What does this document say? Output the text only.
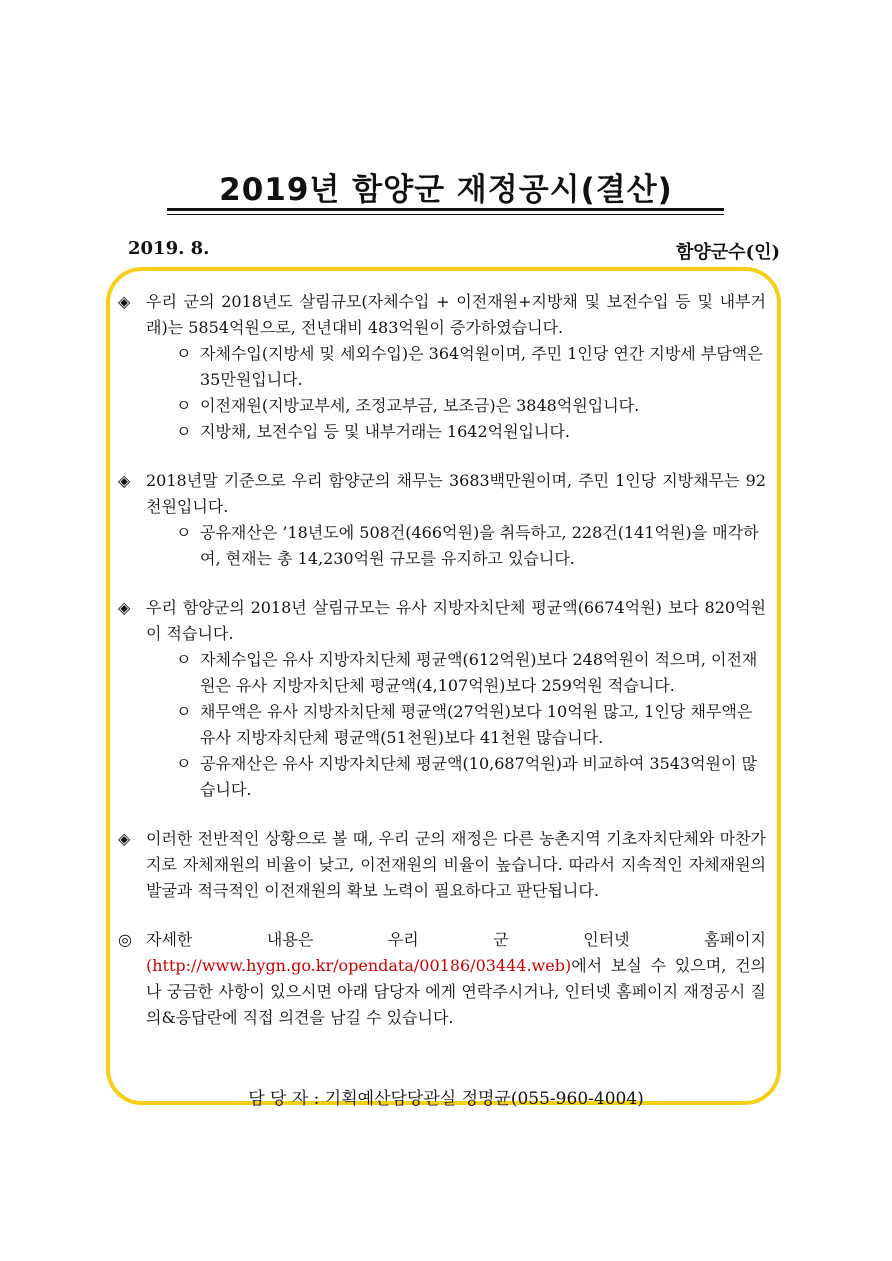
2019년 함양군 재정공시(결산)
2019. 8.	함양군수(인)
◈ 우리 군의 2018년도 살림규모(자체수입 + 이전재원+지방채 및 보전수입 등 및 내부거래)는 5854억원으로, 전년대비 483억원이 증가하였습니다.
ㅇ 자체수입(지방세 및 세외수입)은 364억원이며, 주민 1인당 연간 지방세 부담액은 35만원입니다.
ㅇ 이전재원(지방교부세, 조정교부금, 보조금)은 3848억원입니다.
ㅇ 지방채, 보전수입 등 및 내부거래는 1642억원입니다.
◈ 2018년말 기준으로 우리 함양군의 채무는 3683백만원이며, 주민 1인당 지방채무는 92천원입니다.
ㅇ 공유재산은 ’18년도에 508건(466억원)을 취득하고, 228건(141억원)을 매각하여, 현재는 총 14,230억원 규모를 유지하고 있습니다.
◈ 우리 함양군의 2018년 살림규모는 유사 지방자치단체 평균액(6674억원) 보다 820억원이 적습니다.
ㅇ 자체수입은 유사 지방자치단체 평균액(612억원)보다 248억원이 적으며, 이전재원은 유사 지방자치단체 평균액(4,107억원)보다 259억원 적습니다.
ㅇ 채무액은 유사 지방자치단체 평균액(27억원)보다 10억원 많고, 1인당 채무액은 유사 지방자치단체 평균액(51천원)보다 41천원 많습니다.
ㅇ 공유재산은 유사 지방자치단체 평균액(10,687억원)과 비교하여 3543억원이 많습니다.
◈ 이러한 전반적인 상황으로 볼 때, 우리 군의 재정은 다른 농촌지역 기초자치단체와 마찬가지로 자체재원의 비율이 낮고, 이전재원의 비율이 높습니다. 따라서 지속적인 자체재원의 발굴과 적극적인 이전재원의 확보 노력이 필요하다고 판단됩니다.
◎ 자세한 내용은 우리 군 인터넷 홈페이지(http://www.hygn.go.kr/opendata/00186/03444.web)에서 보실 수 있으며, 건의나 궁금한 사항이 있으시면 아래 담당자 에게 연락주시거나, 인터넷 홈페이지 재정공시 질의&응답란에 직접 의견을 남길 수 있습니다.
담 당 자 : 기획예산담당관실 정명균(055-960-4004)
